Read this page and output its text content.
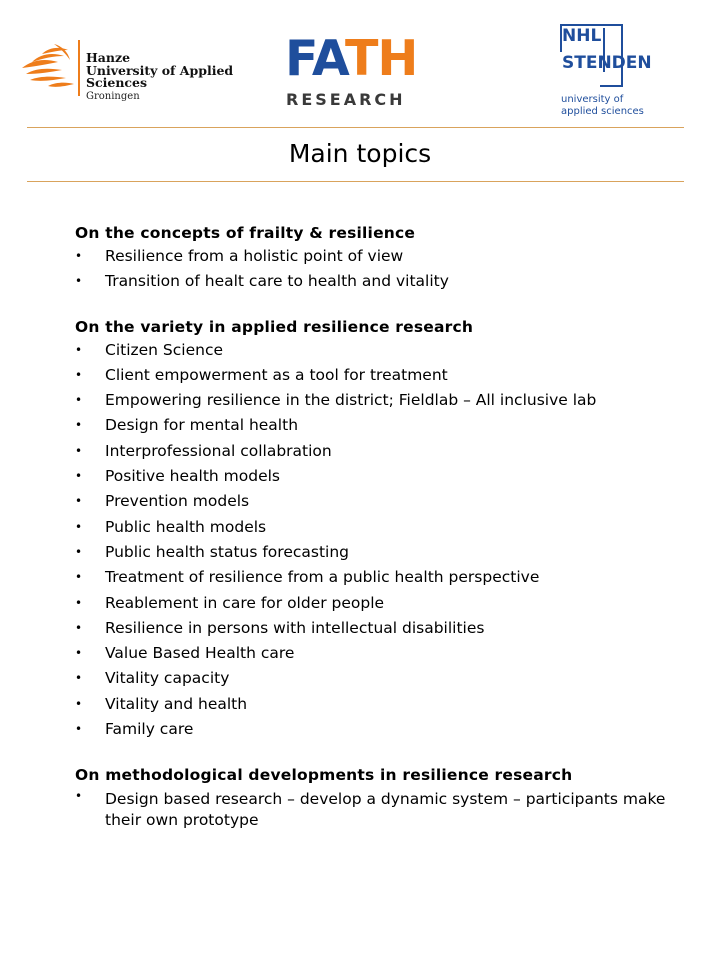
Hanze
University of Applied Sciences
Groningen
FATH
RESEARCH
NHL
STENDEN
university of
applied sciences
Main topics
On the concepts of frailty & resilience
• Resilience from a holistic point of view
• Transition of healt care to health and vitality
On the variety in applied resilience research
• Citizen Science
• Client empowerment as a tool for treatment
• Empowering resilience in the district; Fieldlab – All inclusive lab
• Design for mental health
• Interprofessional collabration
• Positive health models
• Prevention models
• Public health models
• Public health status forecasting
• Treatment of resilience from a public health perspective
• Reablement in care for older people
• Resilience in persons with intellectual disabilities
• Value Based Health care
• Vitality capacity
• Vitality and health
• Family care
On methodological developments in resilience research
• Design based research – develop a dynamic system – participants make their own prototype
